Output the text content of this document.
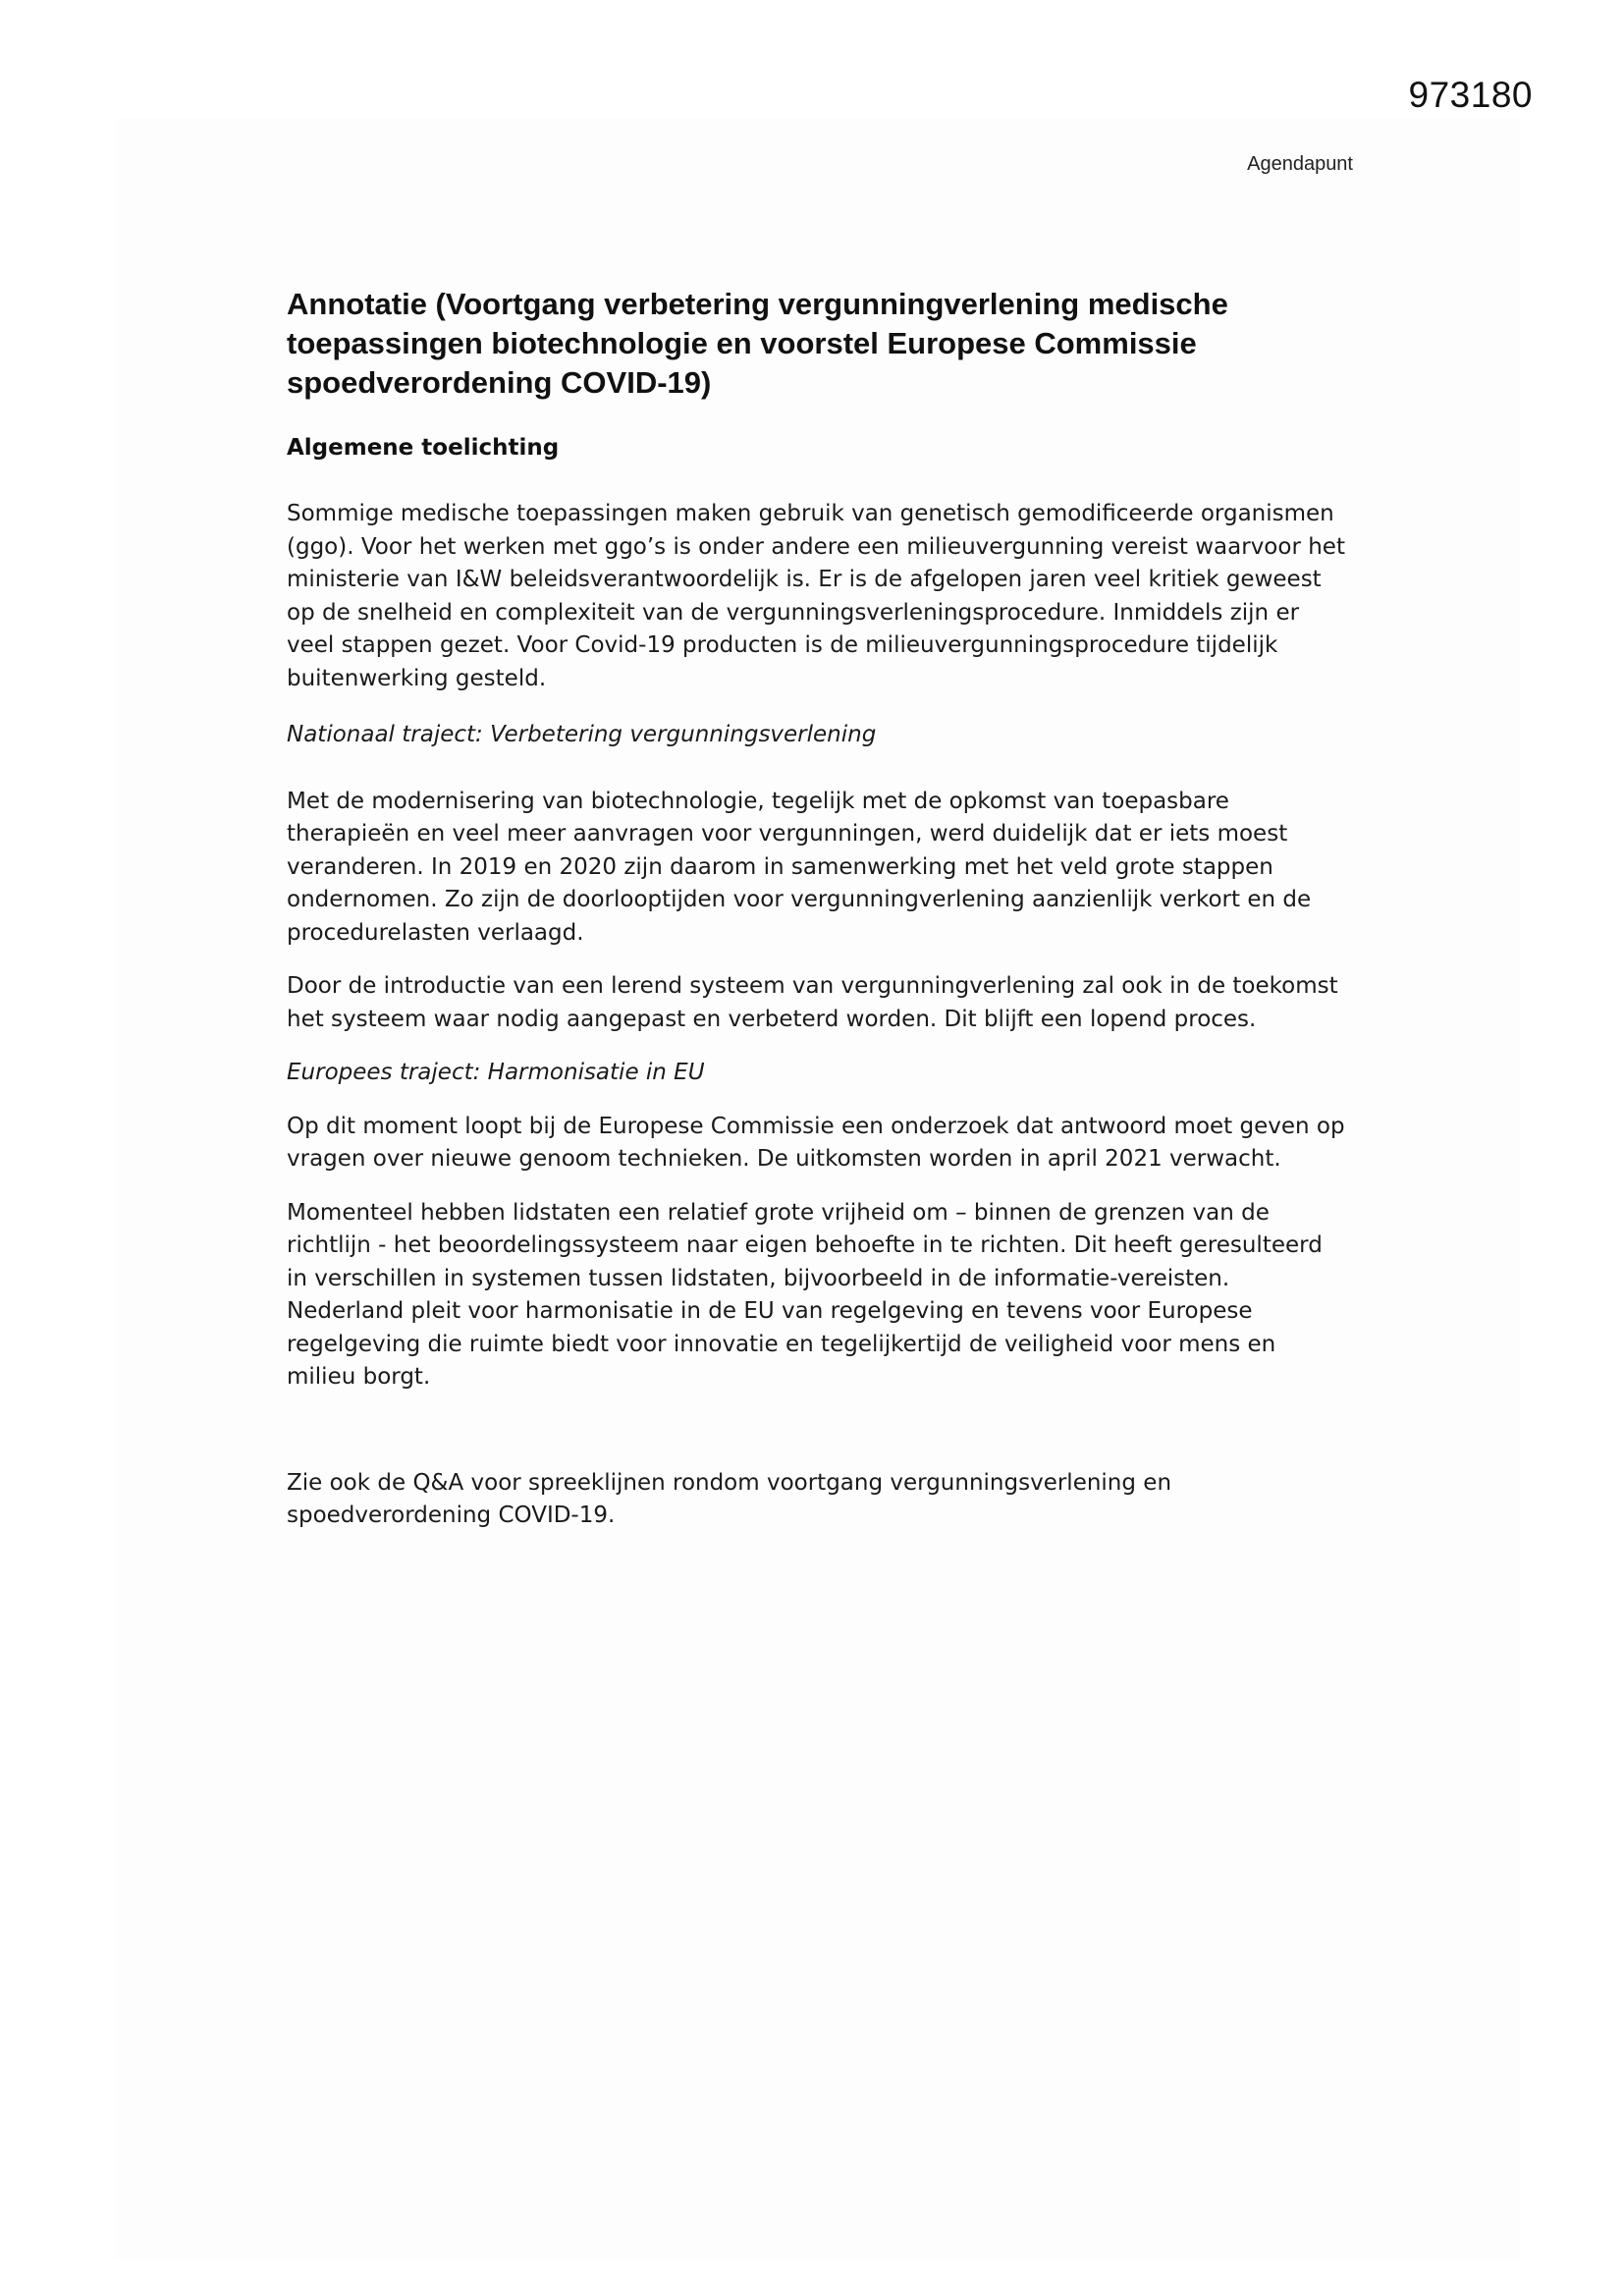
973180
Agendapunt
Annotatie (Voortgang verbetering vergunningverlening medische toepassingen biotechnologie en voorstel Europese Commissie spoedverordening COVID-19)
Algemene toelichting

Sommige medische toepassingen maken gebruik van genetisch gemodificeerde organismen (ggo). Voor het werken met ggo’s is onder andere een milieuvergunning vereist waarvoor het ministerie van I&W beleidsverantwoordelijk is. Er is de afgelopen jaren veel kritiek geweest op de snelheid en complexiteit van de vergunningsverleningsprocedure. Inmiddels zijn er veel stappen gezet. Voor Covid-19 producten is de milieuvergunningsprocedure tijdelijk buitenwerking gesteld.

Nationaal traject: Verbetering vergunningsverlening

Met de modernisering van biotechnologie, tegelijk met de opkomst van toepasbare therapieën en veel meer aanvragen voor vergunningen, werd duidelijk dat er iets moest veranderen. In 2019 en 2020 zijn daarom in samenwerking met het veld grote stappen ondernomen. Zo zijn de doorlooptijden voor vergunningverlening aanzienlijk verkort en de procedurelasten verlaagd.

Door de introductie van een lerend systeem van vergunningverlening zal ook in de toekomst het systeem waar nodig aangepast en verbeterd worden. Dit blijft een lopend proces.

Europees traject: Harmonisatie in EU

Op dit moment loopt bij de Europese Commissie een onderzoek dat antwoord moet geven op vragen over nieuwe genoom technieken. De uitkomsten worden in april 2021 verwacht.

Momenteel hebben lidstaten een relatief grote vrijheid om – binnen de grenzen van de richtlijn - het beoordelingssysteem naar eigen behoefte in te richten. Dit heeft geresulteerd in verschillen in systemen tussen lidstaten, bijvoorbeeld in de informatie-vereisten. Nederland pleit voor harmonisatie in de EU van regelgeving en tevens voor Europese regelgeving die ruimte biedt voor innovatie en tegelijkertijd de veiligheid voor mens en milieu borgt.

Zie ook de Q&A voor spreeklijnen rondom voortgang vergunningsverlening en spoedverordening COVID-19.
